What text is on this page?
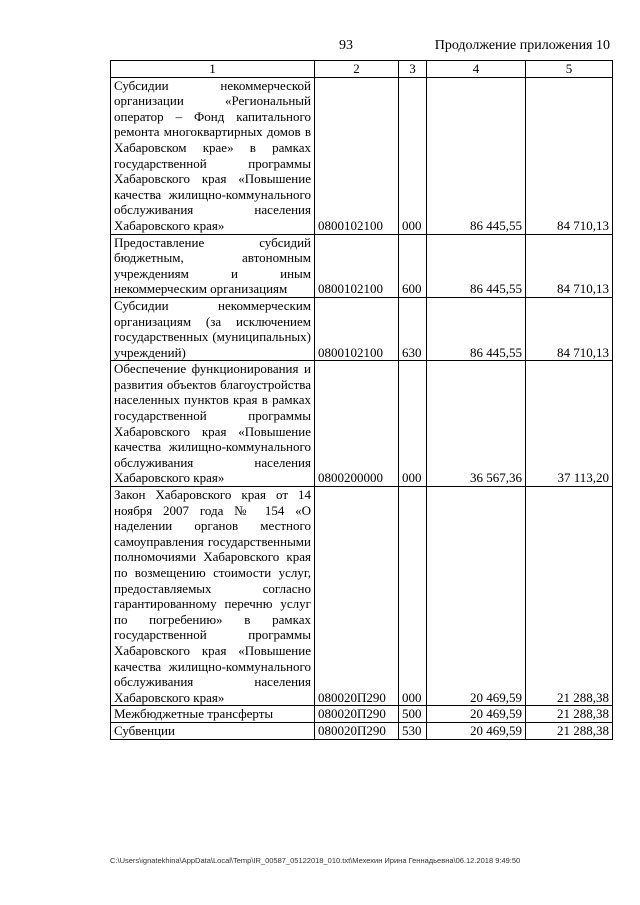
93	Продолжение приложения 10
1	2	3	4	5
Субсидии некоммерческой организации «Региональный оператор – Фонд капитального ремонта многоквартирных домов в Хабаровском крае» в рамках государственной программы Хабаровского края «Повышение качества жилищно-коммунального обслуживания населения Хабаровского края»	0800102100	000	86 445,55	84 710,13
Предоставление субсидий бюджетным, автономным учреждениям и иным некоммерческим организациям	0800102100	600	86 445,55	84 710,13
Субсидии некоммерческим организациям (за исключением государственных (муниципальных) учреждений)	0800102100	630	86 445,55	84 710,13
Обеспечение функционирования и развития объектов благоустройства населенных пунктов края в рамках государственной программы Хабаровского края «Повышение качества жилищно-коммунального обслуживания населения Хабаровского края»	0800200000	000	36 567,36	37 113,20
Закон Хабаровского края от 14 ноября 2007 года № 154 «О наделении органов местного самоуправления государственными полномочиями Хабаровского края по возмещению стоимости услуг, предоставляемых согласно гарантированному перечню услуг по погребению» в рамках государственной программы Хабаровского края «Повышение качества жилищно-коммунального обслуживания населения Хабаровского края»	080020П290	000	20 469,59	21 288,38
Межбюджетные трансферты	080020П290	500	20 469,59	21 288,38
Субвенции	080020П290	530	20 469,59	21 288,38
C:\Users\ignatekhina\AppData\Local\Temp\IR_00587_05122018_010.txt\Мехехин Ирина Геннадьевна\06.12.2018 9:49:50
